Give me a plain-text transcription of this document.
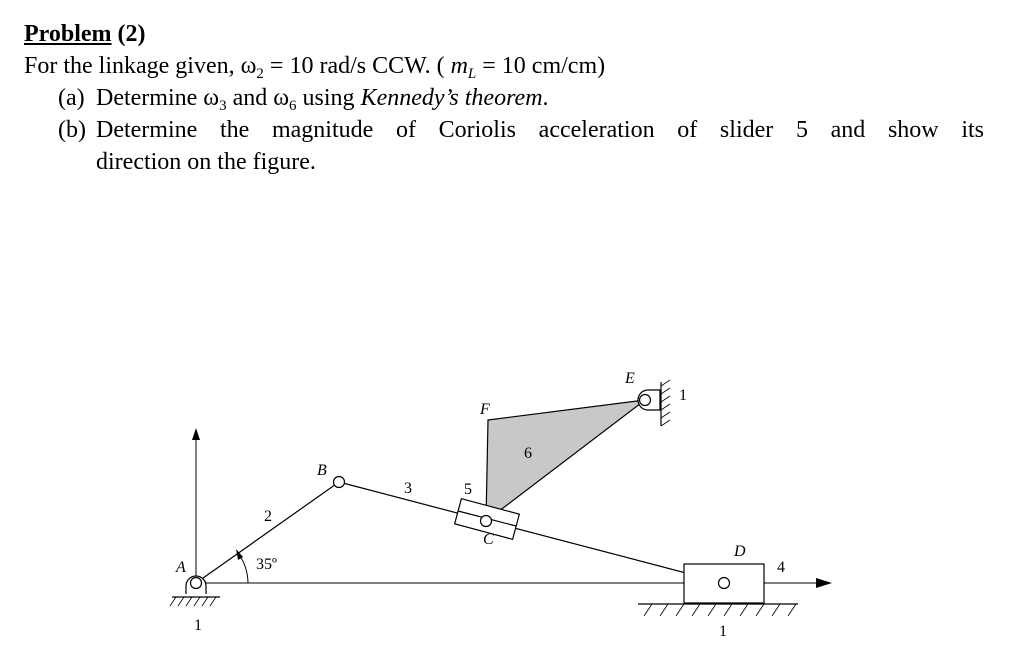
Problem (2)
For the linkage given, $\omega_2 = 10$ rad/s CCW. ( $m_L = 10$ cm/cm)
(a) Determine $\omega_3$ and $\omega_6$ using Kennedy’s theorem.
(b) Determine the magnitude of Coriolis acceleration of slider 5 and show its
direction on the figure.
A
B
C
D
E
F
2
3
4
5
6
1	1
1
35º
